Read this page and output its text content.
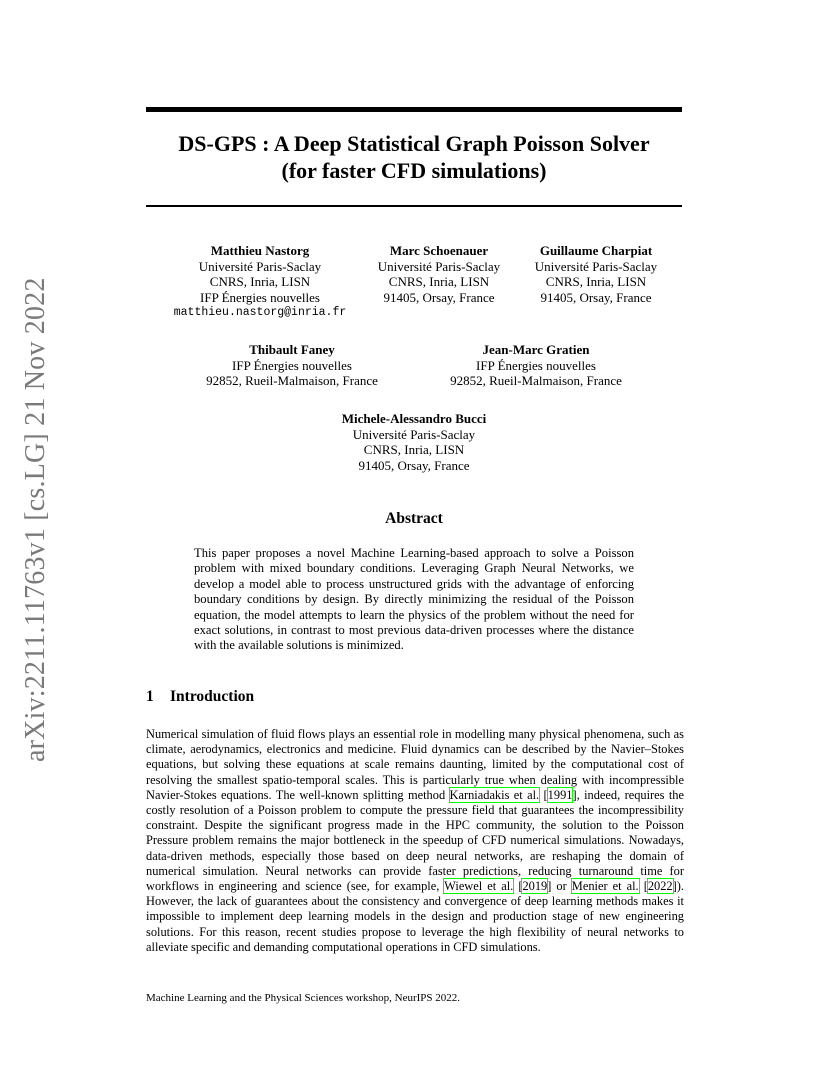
arXiv:2211.11763v1 [cs.LG] 21 Nov 2022
DS-GPS : A Deep Statistical Graph Poisson Solver
(for faster CFD simulations)
Matthieu Nastorg
Université Paris-Saclay
CNRS, Inria, LISN
IFP Énergies nouvelles
matthieu.nastorg@inria.fr
Marc Schoenauer
Université Paris-Saclay
CNRS, Inria, LISN
91405, Orsay, France
Guillaume Charpiat
Université Paris-Saclay
CNRS, Inria, LISN
91405, Orsay, France
Thibault Faney
IFP Énergies nouvelles
92852, Rueil-Malmaison, France
Jean-Marc Gratien
IFP Énergies nouvelles
92852, Rueil-Malmaison, France
Michele-Alessandro Bucci
Université Paris-Saclay
CNRS, Inria, LISN
91405, Orsay, France
Abstract
This paper proposes a novel Machine Learning-based approach to solve a Poisson problem with mixed boundary conditions. Leveraging Graph Neural Networks, we develop a model able to process unstructured grids with the advantage of enforcing boundary conditions by design. By directly minimizing the residual of the Poisson equation, the model attempts to learn the physics of the problem without the need for exact solutions, in contrast to most previous data-driven processes where the distance with the available solutions is minimized.
1 Introduction
Numerical simulation of fluid flows plays an essential role in modelling many physical phenomena, such as climate, aerodynamics, electronics and medicine. Fluid dynamics can be described by the Navier–Stokes equations, but solving these equations at scale remains daunting, limited by the computational cost of resolving the smallest spatio-temporal scales. This is particularly true when dealing with incompressible Navier-Stokes equations. The well-known splitting method Karniadakis et al. [1991], indeed, requires the costly resolution of a Poisson problem to compute the pressure field that guarantees the incompressibility constraint. Despite the significant progress made in the HPC community, the solution to the Poisson Pressure problem remains the major bottleneck in the speedup of CFD numerical simulations. Nowadays, data-driven methods, especially those based on deep neural networks, are reshaping the domain of numerical simulation. Neural networks can provide faster predictions, reducing turnaround time for workflows in engineering and science (see, for example, Wiewel et al. [2019] or Menier et al. [2022]). However, the lack of guarantees about the consistency and convergence of deep learning methods makes it impossible to implement deep learning models in the design and production stage of new engineering solutions. For this reason, recent studies propose to leverage the high flexibility of neural networks to alleviate specific and demanding computational operations in CFD simulations.
Machine Learning and the Physical Sciences workshop, NeurIPS 2022.
